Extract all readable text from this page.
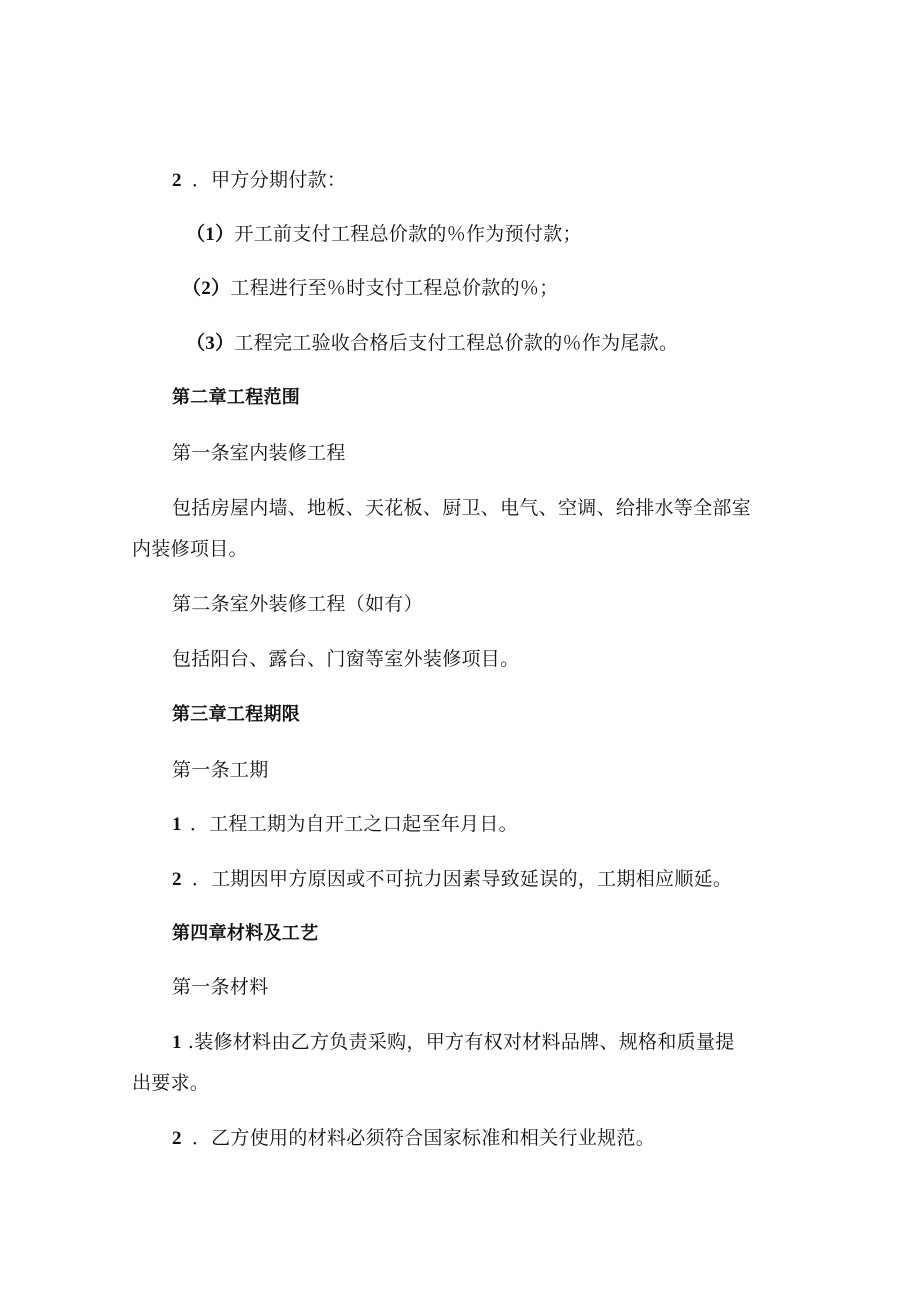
2 ．甲方分期付款：
（1）开工前支付工程总价款的％作为预付款；
（2）工程进行至％时支付工程总价款的％；
（3）工程完工验收合格后支付工程总价款的％作为尾款。
第二章工程范围
第一条室内装修工程
包括房屋内墙、地板、天花板、厨卫、电气、空调、给排水等全部室
内装修项目。
第二条室外装修工程（如有）
包括阳台、露台、门窗等室外装修项目。
第三章工程期限
第一条工期
1 ．工程工期为自开工之口起至年月日。
2 ．工期因甲方原因或不可抗力因素导致延误的，工期相应顺延。
第四章材料及工艺
第一条材料
1 .装修材料由乙方负责采购，甲方有权对材料品牌、规格和质量提
出要求。
2 ．乙方使用的材料必须符合国家标准和相关行业规范。
